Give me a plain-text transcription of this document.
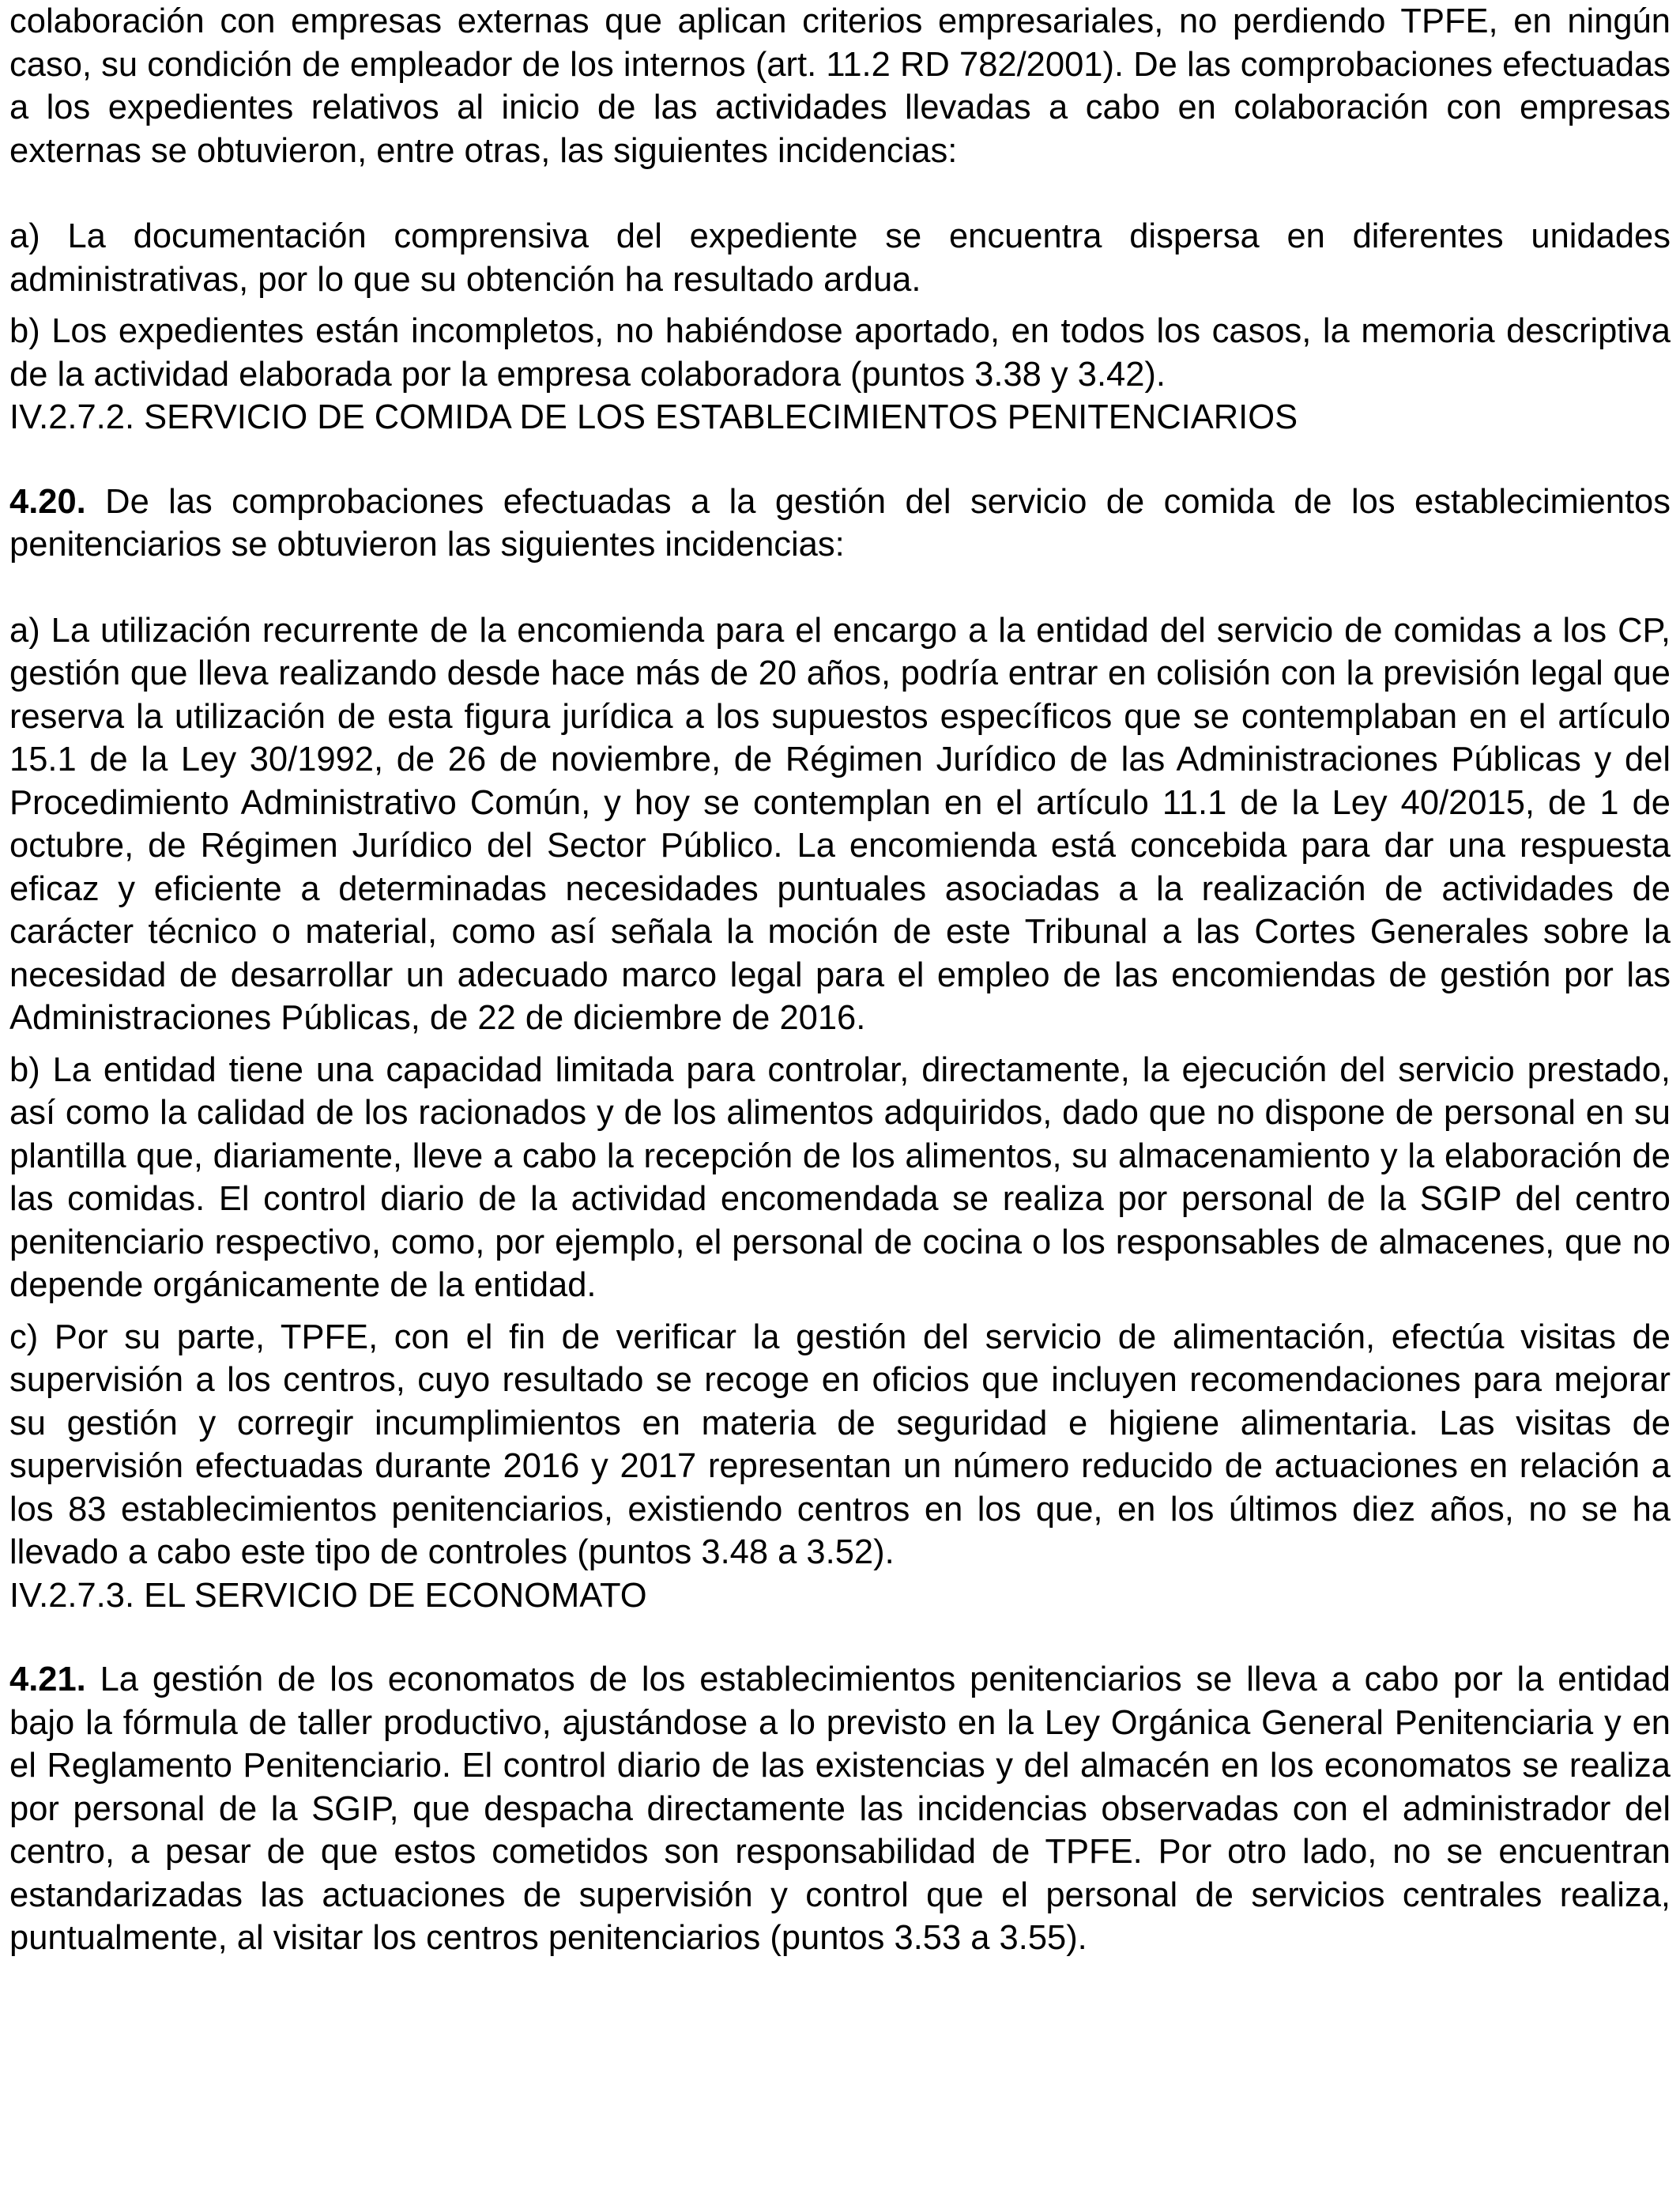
colaboración con empresas externas que aplican criterios empresariales, no perdiendo TPFE, en ningún caso, su condición de empleador de los internos (art. 11.2 RD 782/2001). De las comprobaciones efectuadas a los expedientes relativos al inicio de las actividades llevadas a cabo en colaboración con empresas externas se obtuvieron, entre otras, las siguientes incidencias:

a) La documentación comprensiva del expediente se encuentra dispersa en diferentes unidades administrativas, por lo que su obtención ha resultado ardua.

b) Los expedientes están incompletos, no habiéndose aportado, en todos los casos, la memoria descriptiva de la actividad elaborada por la empresa colaboradora (puntos 3.38 y 3.42).

IV.2.7.2. SERVICIO DE COMIDA DE LOS ESTABLECIMIENTOS PENITENCIARIOS

4.20. De las comprobaciones efectuadas a la gestión del servicio de comida de los establecimientos penitenciarios se obtuvieron las siguientes incidencias:

a) La utilización recurrente de la encomienda para el encargo a la entidad del servicio de comidas a los CP, gestión que lleva realizando desde hace más de 20 años, podría entrar en colisión con la previsión legal que reserva la utilización de esta figura jurídica a los supuestos específicos que se contemplaban en el artículo 15.1 de la Ley 30/1992, de 26 de noviembre, de Régimen Jurídico de las Administraciones Públicas y del Procedimiento Administrativo Común, y hoy se contemplan en el artículo 11.1 de la Ley 40/2015, de 1 de octubre, de Régimen Jurídico del Sector Público. La encomienda está concebida para dar una respuesta eficaz y eficiente a determinadas necesidades puntuales asociadas a la realización de actividades de carácter técnico o material, como así señala la moción de este Tribunal a las Cortes Generales sobre la necesidad de desarrollar un adecuado marco legal para el empleo de las encomiendas de gestión por las Administraciones Públicas, de 22 de diciembre de 2016.

b) La entidad tiene una capacidad limitada para controlar, directamente, la ejecución del servicio prestado, así como la calidad de los racionados y de los alimentos adquiridos, dado que no dispone de personal en su plantilla que, diariamente, lleve a cabo la recepción de los alimentos, su almacenamiento y la elaboración de las comidas. El control diario de la actividad encomendada se realiza por personal de la SGIP del centro penitenciario respectivo, como, por ejemplo, el personal de cocina o los responsables de almacenes, que no depende orgánicamente de la entidad.

c) Por su parte, TPFE, con el fin de verificar la gestión del servicio de alimentación, efectúa visitas de supervisión a los centros, cuyo resultado se recoge en oficios que incluyen recomendaciones para mejorar su gestión y corregir incumplimientos en materia de seguridad e higiene alimentaria. Las visitas de supervisión efectuadas durante 2016 y 2017 representan un número reducido de actuaciones en relación a los 83 establecimientos penitenciarios, existiendo centros en los que, en los últimos diez años, no se ha llevado a cabo este tipo de controles (puntos 3.48 a 3.52).

IV.2.7.3. EL SERVICIO DE ECONOMATO

4.21. La gestión de los economatos de los establecimientos penitenciarios se lleva a cabo por la entidad bajo la fórmula de taller productivo, ajustándose a lo previsto en la Ley Orgánica General Penitenciaria y en el Reglamento Penitenciario. El control diario de las existencias y del almacén en los economatos se realiza por personal de la SGIP, que despacha directamente las incidencias observadas con el administrador del centro, a pesar de que estos cometidos son responsabilidad de TPFE. Por otro lado, no se encuentran estandarizadas las actuaciones de supervisión y control que el personal de servicios centrales realiza, puntualmente, al visitar los centros penitenciarios (puntos 3.53 a 3.55).
